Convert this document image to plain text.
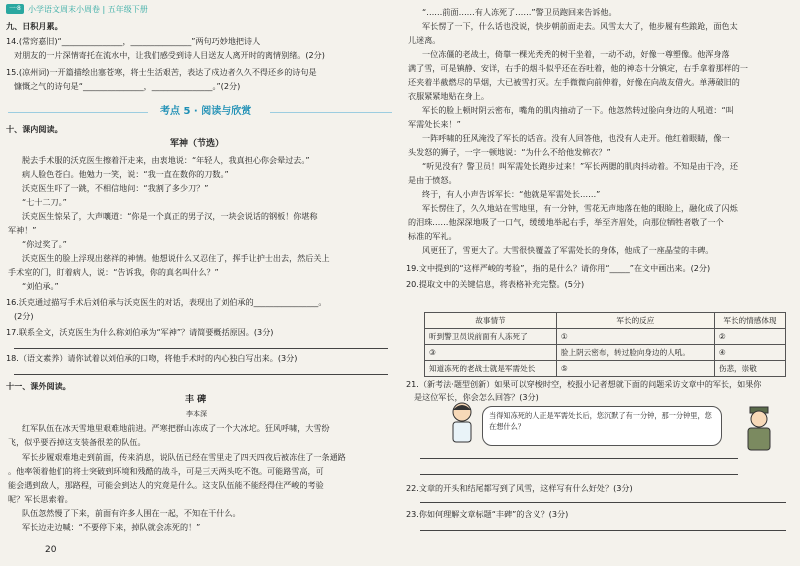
一·8 小学语文周末小周卷 | 五年级下册
九、日积月累。
14.(常窍嘉旧)“_______________，_______________”两句巧妙地把诗人
对朋友的一片深情寄托在流水中，让我们感受到诗人目送友人离开时的离情别绪。(2分)
15.(凉州词)一开篇描绘出塞苍寒，将士生活艰苦，表达了戍边者久久不得还乡的诗句是
慷慨之气的诗句是“_______________，_______________。”(2分)
考点 5 · 阅读与欣赏
十、课内阅读。
军神（节选）
脱去手术服的沃克医生擦着汗走来，由衷地说：“年轻人，我真担心你会晕过去。”
病人脸色苍白。他勉力一笑，说：“我一直在数你的刀数。”
沃克医生吓了一跳，不相信地问：“我割了多少刀？”
“七十二刀。”
沃克医生惊呆了，大声嚷道：“你是一个真正的男子汉，一块会说话的钢板！你堪称
军神！”
“你过奖了。”
沃克医生的脸上浮现出慈祥的神情。他想说什么又忍住了，挥手让护士出去，然后关上
手术室的门，盯着病人，说：“告诉我，你的真名叫什么？”
“刘伯承。”
16.沃克通过描写手术后刘伯承与沃克医生的对话，表现出了刘伯承的________________。
(2分)
17.联系全文，沃克医生为什么称刘伯承为“军神”？请简要概括原因。(3分)
18.（语文素养）请你试着以刘伯承的口吻，将他手术时的内心独白写出来。(3分)
十一、课外阅读。
丰 碑
李本深
红军队伍在冰天雪地里艰难地前进。严寒把群山冻成了一个大冰坨。狂风呼啸，大雪纷
飞，似乎要吞掉这支装备很差的队伍。
军长步履艰难地走到前面，传来消息，说队伍已经在雪里走了四天四夜后被冻住了一条通路
。他率领着他们的将士突破到环境和残酷的战斗，可是三天两头吃不饱。可能路雪高，可
能会遇到敌人，那路程，可能会到达人的究竟是什么。这支队伍能不能经得住严峻的考验
呢？军长思索着。
队伍忽然慢了下来，前面有许多人围在一起，不知在干什么。
军长边走边喊：“不要停下来，掉队就会冻死的！”
20
“……前面……有人冻死了……”警卫员跑回来告诉他。
军长愣了一下，什么话也没说，快步朝前面走去。风雪太大了，他步履有些踉跄，面色太
儿迷离。
一位冻僵的老战士，倚靠一棵光秃秃的树干坐着，一动不动，好像一尊塑像。他浑身落
满了雪，可是镇静、安详，右手的烟斗似乎还在吞吐着，他的神态十分镇定，右手拿着那样的一
还夹着半截燃尽的旱烟，大已被雪打灭。左手微微向前伸着，好像在向战友借火。单薄破旧的
衣服紧紧地贴在身上。
军长的脸上顿时阴云密布，嘴角的肌肉抽动了一下。他忽然转过脸向身边的人吼道：“叫
军需处长来！”
一阵呼啸的狂风淹没了军长的话音。没有人回答他，也没有人走开。他红着眼睛，像一
头发怒的狮子，一字一顿地说：“为什么不给他发棉衣？”
“听见没有？警卫员！叫军需处长跑步过来！”军长两腮的肌肉抖动着。不知是由于冷，还
是由于愤怒。
终于，有人小声告诉军长：“他就是军需处长……”
军长愣住了，久久地站在雪地里，有一分钟，雪花无声地落在他的眼睑上，融化成了闪烁
的泪珠……他深深地吸了一口气，缓缓地举起右手，举至齐眉处，向那位牺牲者敬了一个
标准的军礼。
风更狂了，雪更大了。大雪很快覆盖了军需处长的身体，他成了一座晶莹的丰碑。
19.文中提到的“这样严峻的考验”，指的是什么？请你用“_____”在文中画出来。(2分)
20.提取文中的关键信息，将表格补充完整。(5分)
故事情节	军长的反应	军长的情感体现
听到警卫员说前面有人冻死了	①	②
③	脸上阴云密布，转过脸向身边的人吼。	④
知道冻死的老战士就是军需处长	⑤	伤悲，崇敬
21.（新考法·题型创新）如果可以穿梭时空，校报小记者想就下面的问题采访文章中的军长，如果你
是这位军长，你会怎么回答？(3分)
当得知冻死的人正是军需处长后，您沉默了有一分钟，那一分钟里，您在想什么？
22.文章的开头和结尾都写到了风雪，这样写有什么好处？(3分)
23.你如何理解文章标题“丰碑”的含义？(3分)
